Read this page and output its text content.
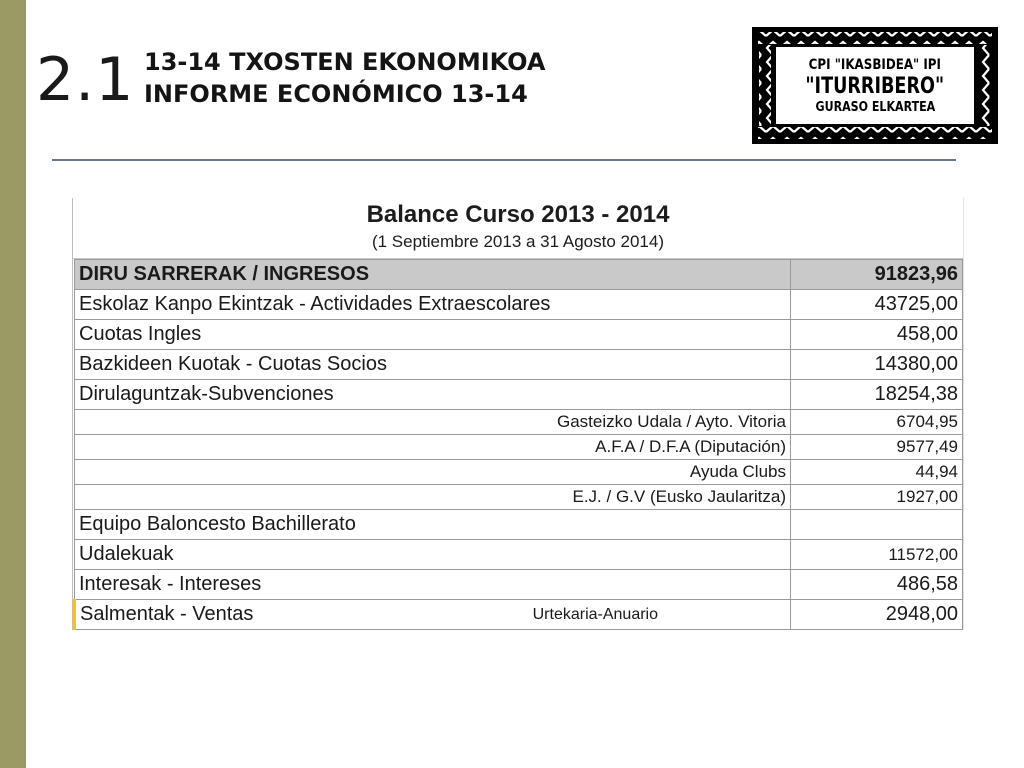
2.1 13-14 TXOSTEN EKONOMIKOA
INFORME ECONÓMICO 13-14
CPI "IKASBIDEA" IPI
"ITURRIBERO"
GURASO ELKARTEA
Balance Curso 2013 - 2014
(1 Septiembre 2013 a 31 Agosto 2014)
DIRU SARRERAK / INGRESOS	91823,96
Eskolaz Kanpo Ekintzak - Actividades Extraescolares	43725,00
Cuotas Ingles	458,00
Bazkideen Kuotak - Cuotas Socios	14380,00
Dirulaguntzak-Subvenciones	18254,38
Gasteizko Udala / Ayto. Vitoria	6704,95
A.F.A / D.F.A (Diputación)	9577,49
Ayuda Clubs	44,94
E.J. / G.V (Eusko Jaularitza)	1927,00
Equipo Baloncesto Bachillerato	
Udalekuak	11572,00
Interesak - Intereses	486,58

Salmentak - Ventas Urtekaria-Anuario	2948,00
